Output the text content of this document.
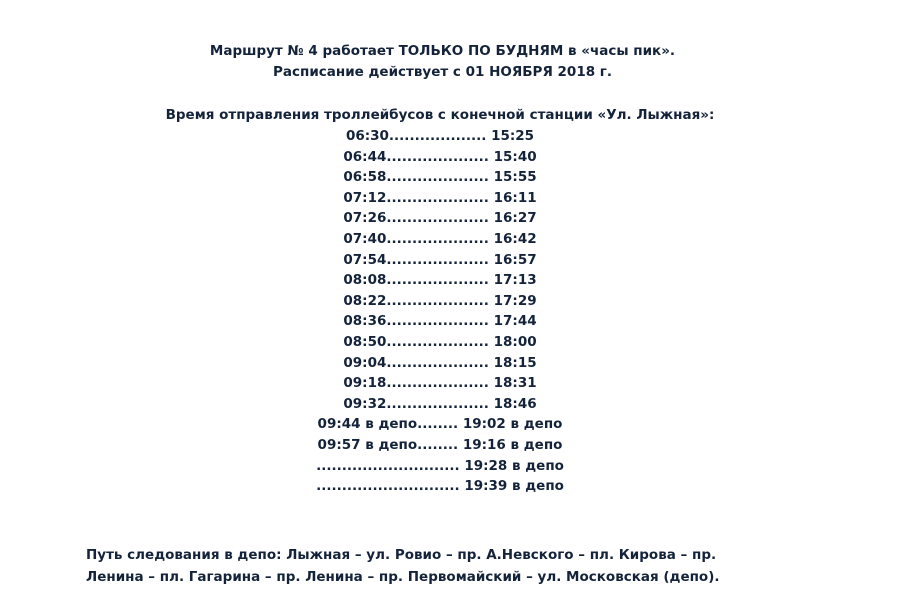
Маршрут № 4 работает ТОЛЬКО ПО БУДНЯМ в «часы пик».
Расписание действует с 01 НОЯБРЯ 2018 г.
Время отправления троллейбусов с конечной станции «Ул. Лыжная»:
06:30................... 15:25
06:44.................... 15:40
06:58.................... 15:55
07:12.................... 16:11
07:26.................... 16:27
07:40.................... 16:42
07:54.................... 16:57
08:08.................... 17:13
08:22.................... 17:29
08:36.................... 17:44
08:50.................... 18:00
09:04.................... 18:15
09:18.................... 18:31
09:32.................... 18:46
09:44 в депо........ 19:02 в депо
09:57 в депо........ 19:16 в депо
............................ 19:28 в депо
............................ 19:39 в депо
Путь следования в депо: Лыжная – ул. Ровио – пр. А.Невского – пл. Кирова – пр.
Ленина – пл. Гагарина – пр. Ленина – пр. Первомайский – ул. Московская (депо).
